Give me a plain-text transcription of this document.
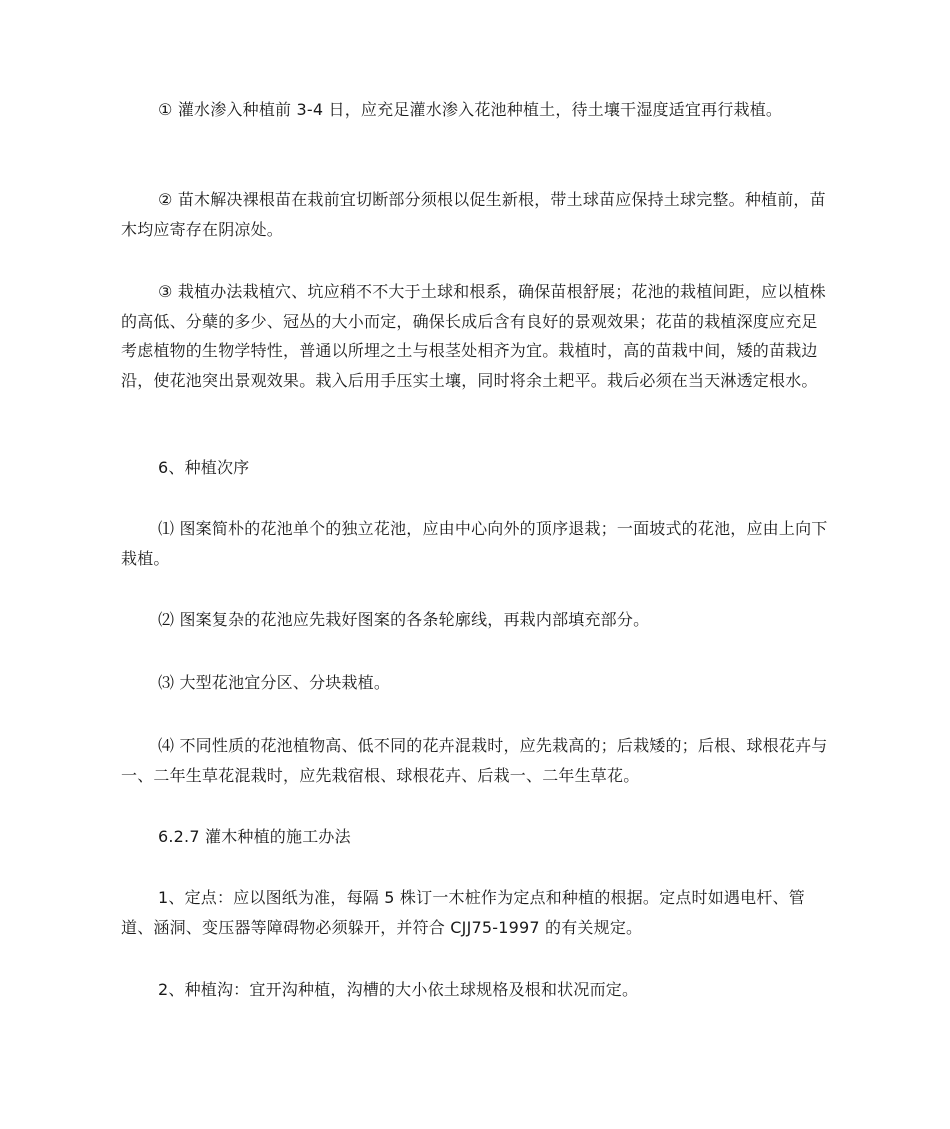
① 灌水渗入种植前 3-4 日，应充足灌水渗入花池种植土，待土壤干湿度适宜再行栽植。

② 苗木解决裸根苗在栽前宜切断部分须根以促生新根，带土球苗应保持土球完整。种植前，苗木均应寄存在阴凉处。

③ 栽植办法栽植穴、坑应稍不不大于土球和根系，确保苗根舒展；花池的栽植间距，应以植株的高低、分蘖的多少、冠丛的大小而定，确保长成后含有良好的景观效果；花苗的栽植深度应充足考虑植物的生物学特性，普通以所埋之土与根茎处相齐为宜。栽植时，高的苗栽中间，矮的苗栽边沿，使花池突出景观效果。栽入后用手压实土壤，同时将余土耙平。栽后必须在当天淋透定根水。

6、种植次序

⑴ 图案简朴的花池单个的独立花池，应由中心向外的顶序退栽；一面坡式的花池，应由上向下栽植。

⑵ 图案复杂的花池应先栽好图案的各条轮廓线，再栽内部填充部分。

⑶ 大型花池宜分区、分块栽植。

⑷ 不同性质的花池植物高、低不同的花卉混栽时，应先栽高的；后栽矮的；后根、球根花卉与一、二年生草花混栽时，应先栽宿根、球根花卉、后栽一、二年生草花。

6.2.7 灌木种植的施工办法

1、定点：应以图纸为准，每隔 5 株订一木桩作为定点和种植的根据。定点时如遇电杆、管道、涵洞、变压器等障碍物必须躲开，并符合 CJJ75-1997 的有关规定。

2、种植沟：宜开沟种植，沟槽的大小依土球规格及根和状况而定。
